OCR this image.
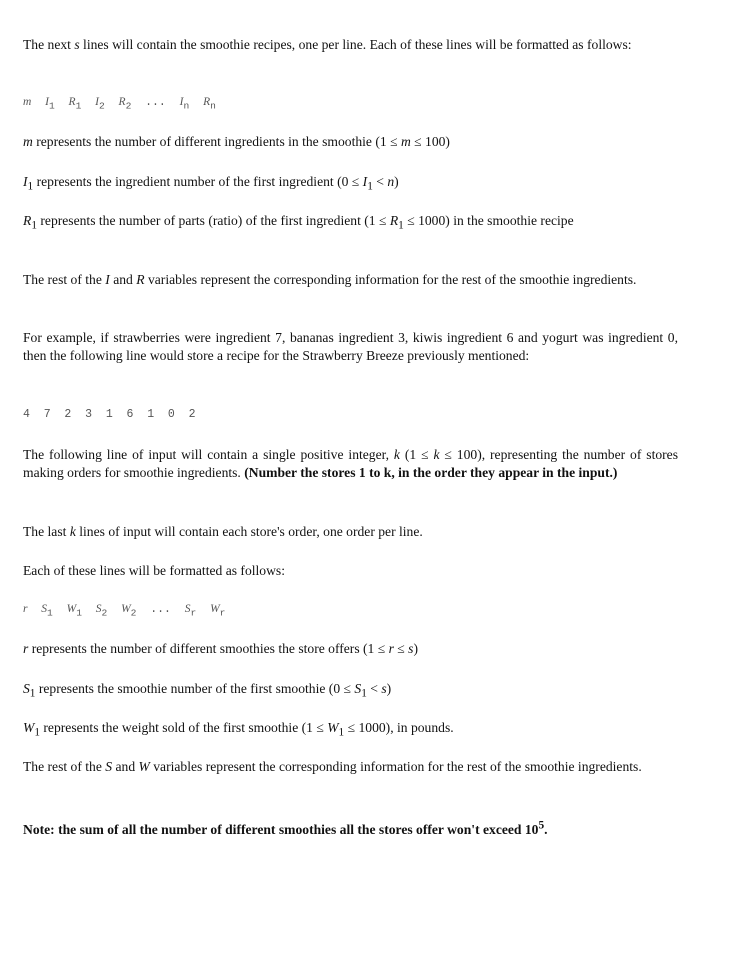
The next s lines will contain the smoothie recipes, one per line. Each of these lines will be formatted as follows:

m $I_1$ $R_1$ $I_2$ $R_2$ ... $I_n$ $R_n$

m represents the number of different ingredients in the smoothie (1 ≤ m ≤ 100)

$I_1$ represents the ingredient number of the first ingredient $(0 \le I_1 < n)$

$R_1$ represents the number of parts (ratio) of the first ingredient $(1 \le R_1 \le 1000)$ in the smoothie recipe

The rest of the I and R variables represent the corresponding information for the rest of the smoothie ingredients.

For example, if strawberries were ingredient 7, bananas ingredient 3, kiwis ingredient 6 and yogurt was ingredient 0, then the following line would store a recipe for the Strawberry Breeze previously mentioned:

4  7  2  3  1  6  1  0  2

The following line of input will contain a single positive integer, k (1 ≤ k ≤ 100), representing the number of stores making orders for smoothie ingredients. (Number the stores 1 to k, in the order they appear in the input.)

The last k lines of input will contain each store's order, one order per line.

Each of these lines will be formatted as follows:

r $S_1$ $W_1$ $S_2$ $W_2$ ... $S_r$ $W_r$

r represents the number of different smoothies the store offers (1 ≤ r ≤ s)

$S_1$ represents the smoothie number of the first smoothie $(0 \le S_1 < s)$

$W_1$ represents the weight sold of the first smoothie $(1 \le W_1 \le 1000)$, in pounds.

The rest of the S and W variables represent the corresponding information for the rest of the smoothie ingredients.

Note: the sum of all the number of different smoothies all the stores offer won't exceed $10^5$.
